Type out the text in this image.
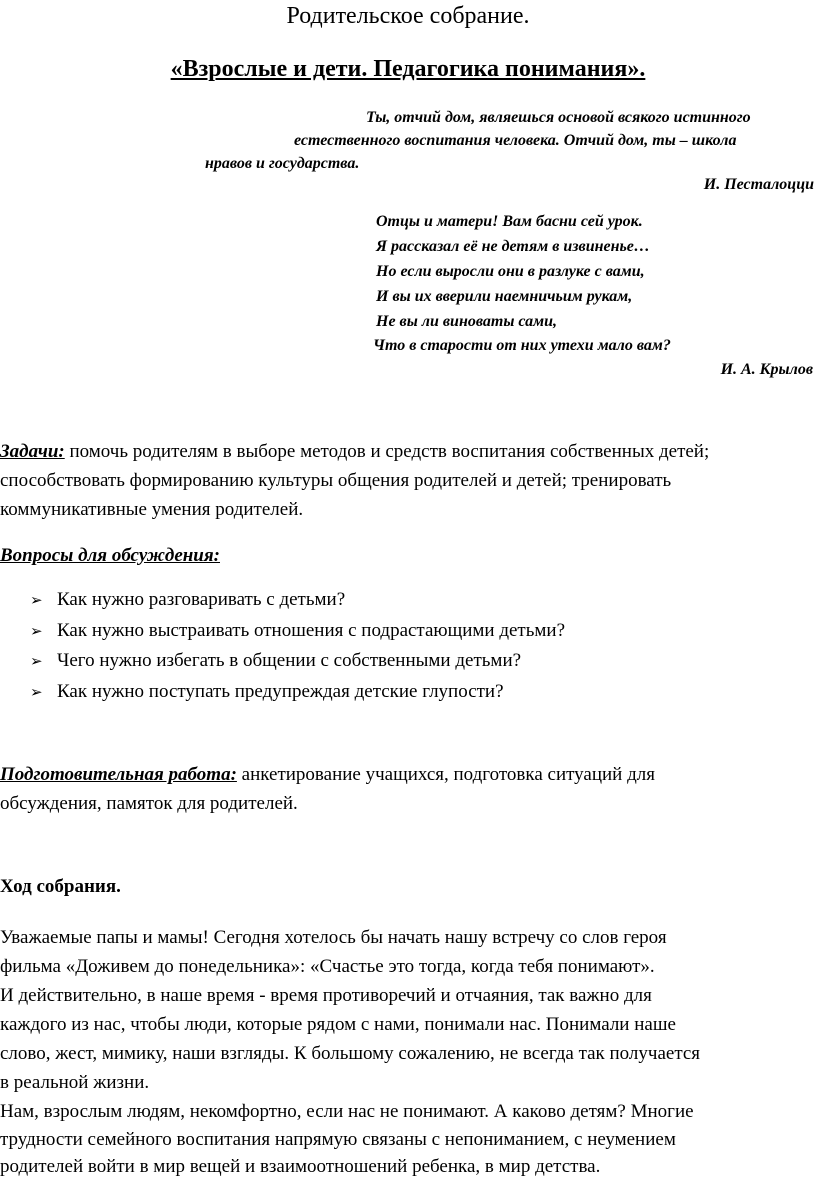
Родительское собрание.
«Взрослые и дети. Педагогика понимания».
Ты, отчий дом, являешься основой всякого истинного
естественного воспитания человека. Отчий дом, ты – школа
нравов и государства.
И. Песталоцци
Отцы и матери! Вам басни сей урок.
Я рассказал её не детям в извиненье…
Но если выросли они в разлуке с вами,
И вы их вверили наемничьим рукам,
Не вы ли виноваты сами,
Что в старости от них утехи мало вам?
И. А. Крылов
Задачи: помочь родителям в выборе методов и средств воспитания собственных детей;
способствовать формированию культуры общения родителей и детей; тренировать
коммуникативные умения родителей.
Вопросы для обсуждения:
➢ Как нужно разговаривать с детьми?
➢ Как нужно выстраивать отношения с подрастающими детьми?
➢ Чего нужно избегать в общении с собственными детьми?
➢ Как нужно поступать предупреждая детские глупости?
Подготовительная работа: анкетирование учащихся, подготовка ситуаций для
обсуждения, памяток для родителей.
Ход собрания.
Уважаемые папы и мамы! Сегодня хотелось бы начать нашу встречу со слов героя
фильма «Доживем до понедельника»: «Счастье это тогда, когда тебя понимают».
И действительно, в наше время - время противоречий и отчаяния, так важно для
каждого из нас, чтобы люди, которые рядом с нами, понимали нас. Понимали наше
слово, жест, мимику, наши взгляды. К большому сожалению, не всегда так получается
в реальной жизни.
Нам, взрослым людям, некомфортно, если нас не понимают. А каково детям? Многие
трудности семейного воспитания напрямую связаны с непониманием, с неумением
родителей войти в мир вещей и взаимоотношений ребенка, в мир детства.
